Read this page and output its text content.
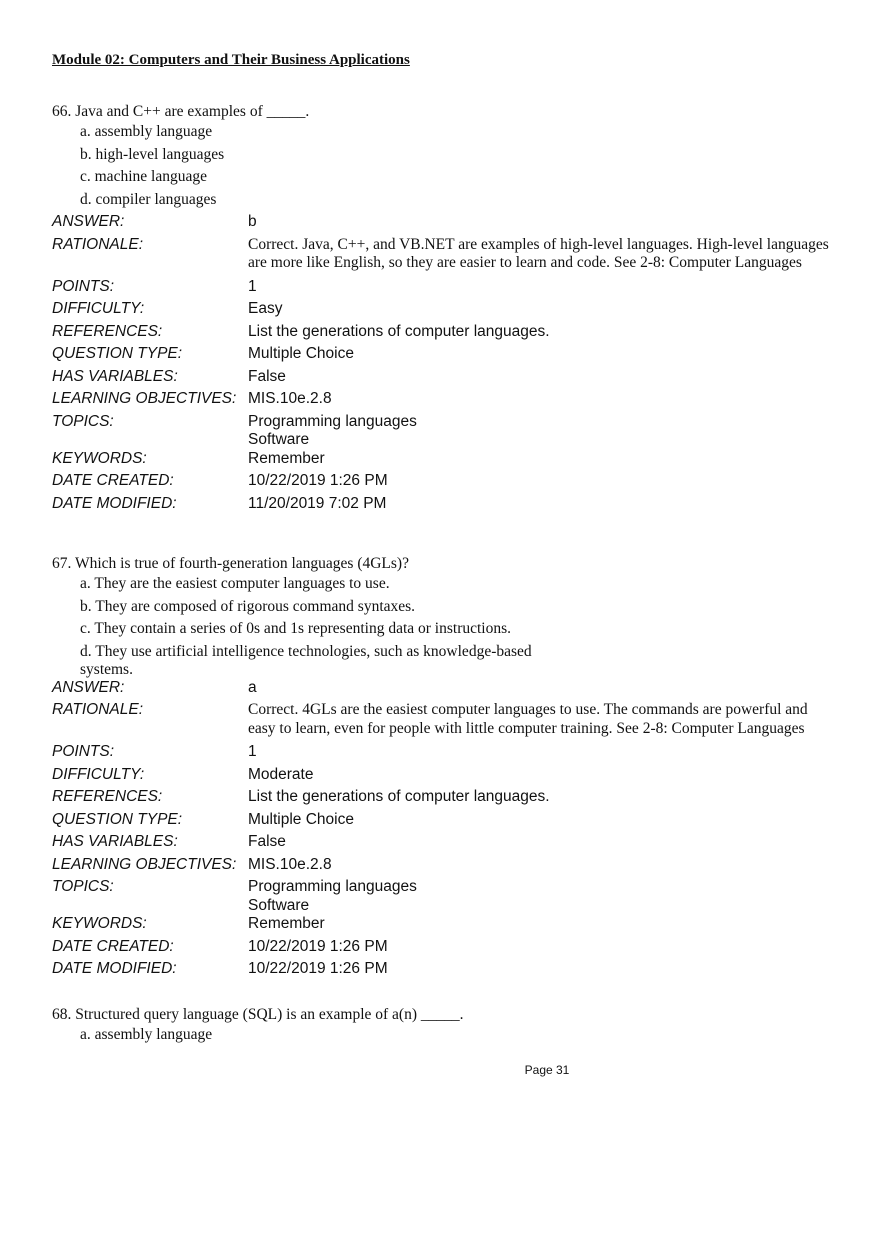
Module 02: Computers and Their Business Applications
66. Java and C++ are examples of _____.
a. assembly language
b. high-level languages
c. machine language
d. compiler languages
ANSWER:	b
RATIONALE:	Correct. Java, C++, and VB.NET are examples of high-level languages. High-level languages are more like English, so they are easier to learn and code. See 2-8: Computer Languages
POINTS:	1
DIFFICULTY:	Easy
REFERENCES:	List the generations of computer languages.
QUESTION TYPE:	Multiple Choice
HAS VARIABLES:	False
LEARNING OBJECTIVES: MIS.10e.2.8
TOPICS:	Programming languages
Software
KEYWORDS:	Remember
DATE CREATED:	10/22/2019 1:26 PM
DATE MODIFIED:	11/20/2019 7:02 PM
67. Which is true of fourth-generation languages (4GLs)?
a. They are the easiest computer languages to use.
b. They are composed of rigorous command syntaxes.
c. They contain a series of 0s and 1s representing data or instructions.
d. They use artificial intelligence technologies, such as knowledge-based systems.
ANSWER:	a
RATIONALE:	Correct. 4GLs are the easiest computer languages to use. The commands are powerful and easy to learn, even for people with little computer training. See 2-8: Computer Languages
POINTS:	1
DIFFICULTY:	Moderate
REFERENCES:	List the generations of computer languages.
QUESTION TYPE:	Multiple Choice
HAS VARIABLES:	False
LEARNING OBJECTIVES: MIS.10e.2.8
TOPICS:	Programming languages
Software
KEYWORDS:	Remember
DATE CREATED:	10/22/2019 1:26 PM
DATE MODIFIED:	10/22/2019 1:26 PM
68. Structured query language (SQL) is an example of a(n) _____.
a. assembly language
Page 31
